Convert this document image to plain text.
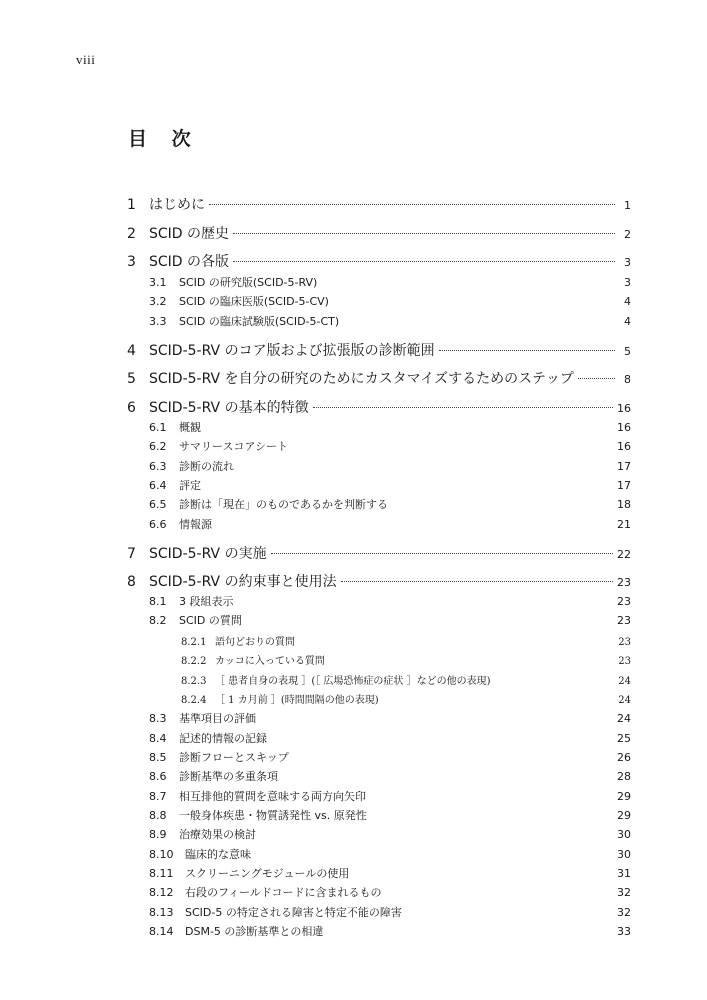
viii
目 次
1 はじめに	1
2 SCID の歴史	2
3 SCID の各版	3
3.1	SCID の研究版(SCID-5-RV)	3
3.2	SCID の臨床医版(SCID-5-CV)	4
3.3	SCID の臨床試験版(SCID-5-CT)	4
4 SCID-5-RV のコア版および拡張版の診断範囲	5
5 SCID-5-RV を自分の研究のためにカスタマイズするためのステップ	8
6 SCID-5-RV の基本的特徴	16
6.1	概観	16
6.2	サマリースコアシート	16
6.3	診断の流れ	17
6.4	評定	17
6.5	診断は「現在」のものであるかを判断する	18
6.6	情報源	21
7 SCID-5-RV の実施	22
8 SCID-5-RV の約束事と使用法	23
8.1	3 段組表示	23
8.2	SCID の質問	23
8.2.1 語句どおりの質問	23
8.2.2 カッコに入っている質問	23
8.2.3 ［ 患者自身の表現 ］(［ 広場恐怖症の症状 ］などの他の表現)	24
8.2.4 ［ 1 カ月前 ］(時間間隔の他の表現)	24
8.3	基準項目の評価	24
8.4	記述的情報の記録	25
8.5	診断フローとスキップ	26
8.6	診断基準の多重条項	28
8.7	相互排他的質問を意味する両方向矢印	29
8.8	一般身体疾患・物質誘発性 vs. 原発性	29
8.9	治療効果の検討	30
8.10	臨床的な意味	30
8.11	スクリーニングモジュールの使用	31
8.12	右段のフィールドコードに含まれるもの	32
8.13	SCID-5 の特定される障害と特定不能の障害	32
8.14	DSM-5 の診断基準との相違	33
